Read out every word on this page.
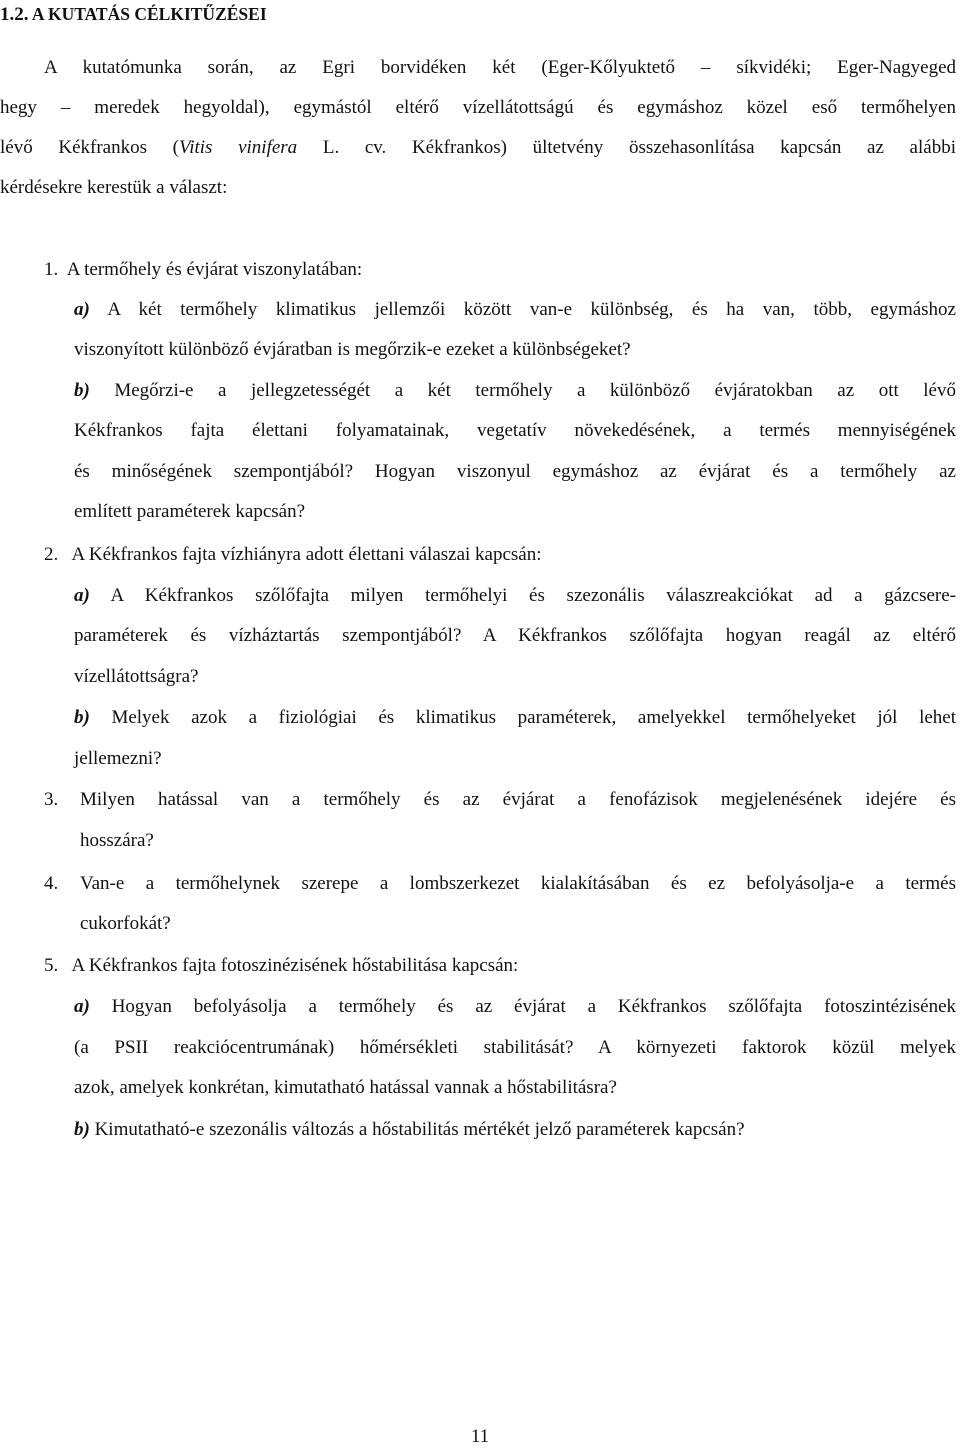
1.2. A KUTATÁS CÉLKITŰZÉSEI
A kutatómunka során, az Egri borvidéken két (Eger-Kőlyuktető – síkvidéki; Eger-Nagyeged
hegy – meredek hegyoldal), egymástól eltérő vízellátottságú és egymáshoz közel eső termőhelyen
lévő Kékfrankos (Vitis vinifera L. cv. Kékfrankos) ültetvény összehasonlítása kapcsán az alábbi
kérdésekre kerestük a választ:
1. A termőhely és évjárat viszonylatában:
a) A két termőhely klimatikus jellemzői között van-e különbség, és ha van, több, egymáshoz
viszonyított különböző évjáratban is megőrzik-e ezeket a különbségeket?
b) Megőrzi-e a jellegzetességét a két termőhely a különböző évjáratokban az ott lévő
Kékfrankos fajta élettani folyamatainak, vegetatív növekedésének, a termés mennyiségének
és minőségének szempontjából? Hogyan viszonyul egymáshoz az évjárat és a termőhely az
említett paraméterek kapcsán?
2. A Kékfrankos fajta vízhiányra adott élettani válaszai kapcsán:
a) A Kékfrankos szőlőfajta milyen termőhelyi és szezonális válaszreakciókat ad a gázcsere-
paraméterek és vízháztartás szempontjából? A Kékfrankos szőlőfajta hogyan reagál az eltérő
vízellátottságra?
b) Melyek azok a fiziológiai és klimatikus paraméterek, amelyekkel termőhelyeket jól lehet
jellemezni?
3. Milyen hatással van a termőhely és az évjárat a fenofázisok megjelenésének idejére és
hosszára?
4. Van-e a termőhelynek szerepe a lombszerkezet kialakításában és ez befolyásolja-e a termés
cukorfokát?
5. A Kékfrankos fajta fotoszinézisének hőstabilitása kapcsán:
a) Hogyan befolyásolja a termőhely és az évjárat a Kékfrankos szőlőfajta fotoszintézisének
(a PSII reakciócentrumának) hőmérsékleti stabilitását? A környezeti faktorok közül melyek
azok, amelyek konkrétan, kimutatható hatással vannak a hőstabilitásra?
b) Kimutatható-e szezonális változás a hőstabilitás mértékét jelző paraméterek kapcsán?
11
